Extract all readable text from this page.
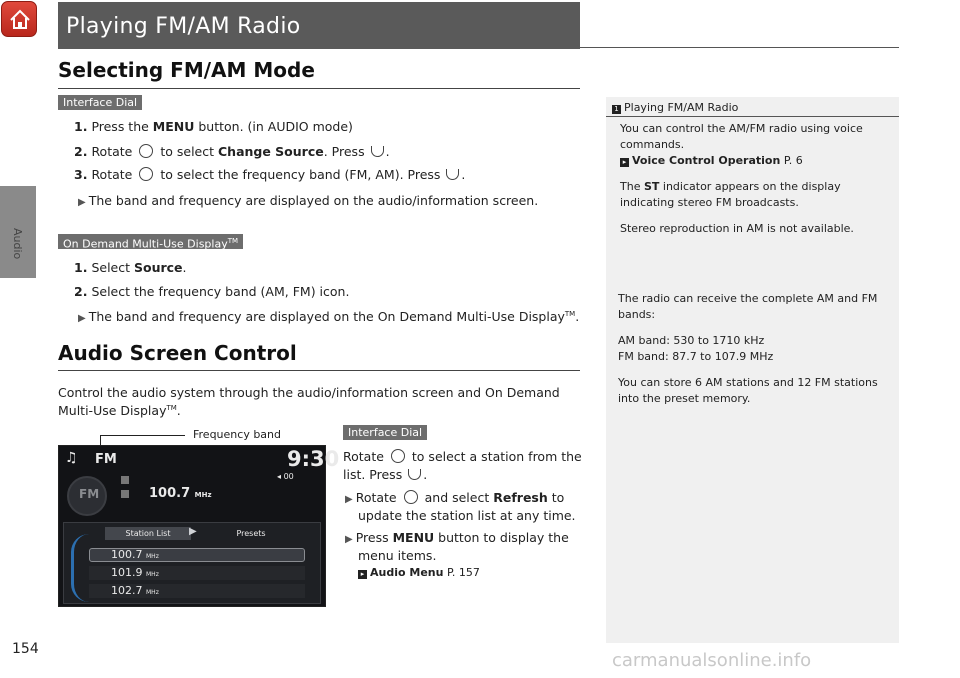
Audio
Playing FM/AM Radio
Selecting FM/AM Mode
Interface Dial
1. Press the MENU button. (in AUDIO mode)
2. Rotate to select Change Source. Press .
3. Rotate to select the frequency band (FM, AM). Press .
▶ The band and frequency are displayed on the audio/information screen.
On Demand Multi-Use Display™
1. Select Source.
2. Select the frequency band (AM, FM) icon.
▶ The band and frequency are displayed on the On Demand Multi-Use Display™.
Audio Screen Control
Control the audio system through the audio/information screen and On Demand
Multi-Use Display™.
Frequency band
♫ FM	9:30
◂ 00
FM	100.7 MHz
Station List	▶	Presets
100.7 MHz
101.9 MHz
102.7 MHz
Interface Dial
Rotate to select a station from the
list. Press .
▶ Rotate and select Refresh to
update the station list at any time.
▶ Press MENU button to display the
menu items.
▸ Audio Menu P. 157
1 Playing FM/AM Radio
You can control the AM/FM radio using voice
commands.
▸ Voice Control Operation P. 6
The ST indicator appears on the display
indicating stereo FM broadcasts.
Stereo reproduction in AM is not available.
The radio can receive the complete AM and FM
bands:
AM band: 530 to 1710 kHz
FM band: 87.7 to 107.9 MHz
You can store 6 AM stations and 12 FM stations
into the preset memory.
154
carmanualsonline.info
